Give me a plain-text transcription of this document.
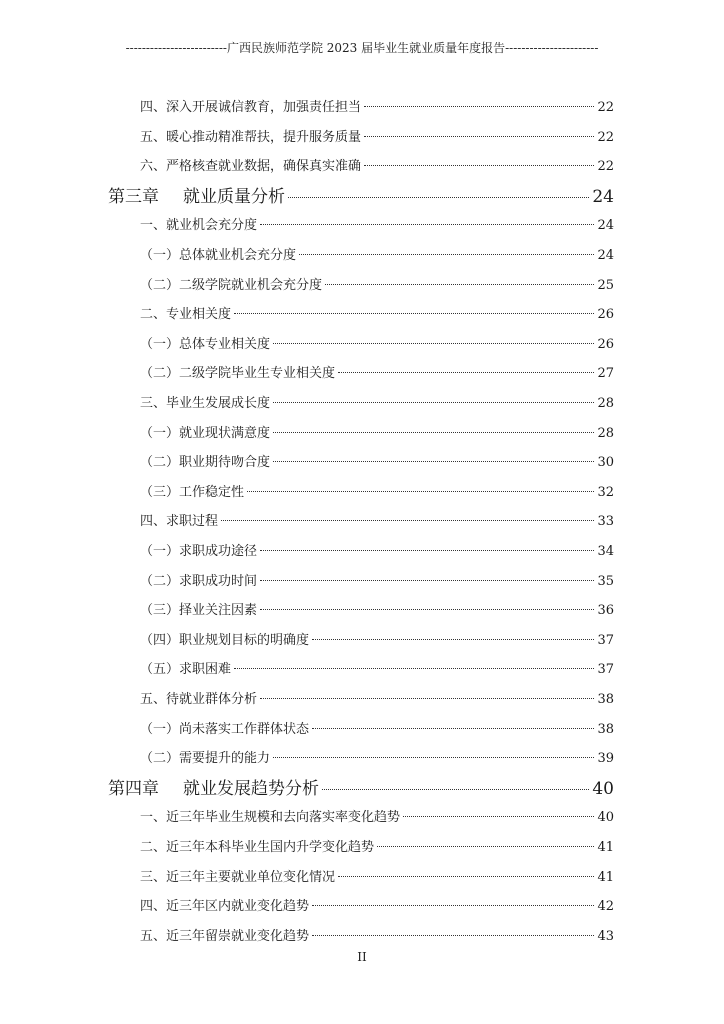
-------------------------广西民族师范学院 2023 届毕业生就业质量年度报告-----------------------
四、深入开展诚信教育，加强责任担当	22
五、暖心推动精准帮扶，提升服务质量	22
六、严格核查就业数据，确保真实准确	22
第三章 就业质量分析	24
一、就业机会充分度	24
（一）总体就业机会充分度	24
（二）二级学院就业机会充分度	25
二、专业相关度	26
（一）总体专业相关度	26
（二）二级学院毕业生专业相关度	27
三、毕业生发展成长度	28
（一）就业现状满意度	28
（二）职业期待吻合度	30
（三）工作稳定性	32
四、求职过程	33
（一）求职成功途径	34
（二）求职成功时间	35
（三）择业关注因素	36
（四）职业规划目标的明确度	37
（五）求职困难	37
五、待就业群体分析	38
（一）尚未落实工作群体状态	38
（二）需要提升的能力	39
第四章 就业发展趋势分析	40
一、近三年毕业生规模和去向落实率变化趋势	40
二、近三年本科毕业生国内升学变化趋势	41
三、近三年主要就业单位变化情况	41
四、近三年区内就业变化趋势	42
五、近三年留崇就业变化趋势	43
II
